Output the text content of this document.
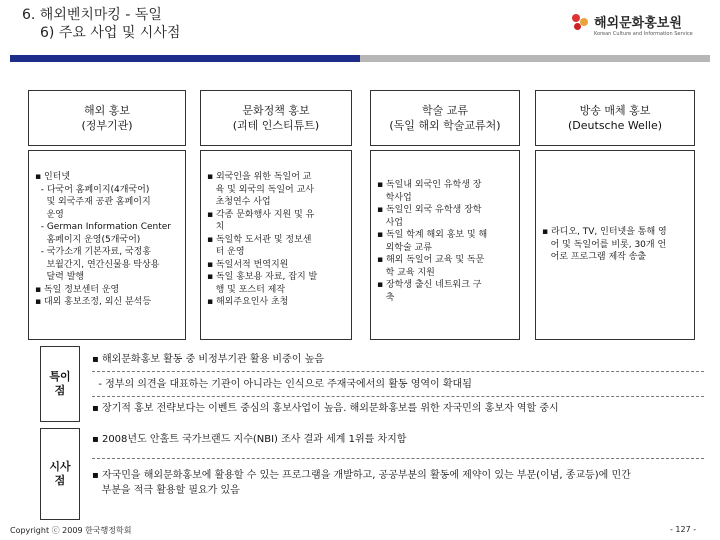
6. 해외벤치마킹 - 독일
6) 주요 사업 및 시사점
해외문화홍보원
Korean Culture and Information Service
해외 홍보
(정부기관)
문화정책 홍보
(괴테 인스티튜트)
학술 교류
(독일 해외 학술교류처)
방송 매체 홍보
(Deutsche Welle)
▪ 인터넷
- 다국어 홈페이지(4개국어)
및 외국주재 공관 홈페이지
운영
- German Information Center
홈페이지 운영(5개국어)
- 국가소개 기본자료, 국정홍
보월간지, 연간신물용 탁상용
달력 발행
▪ 독일 정보센터 운영
▪ 대외 홍보조정, 외신 분석등
▪ 외국인을 위한 독일어 교
육 및 외국의 독일어 교사
초청연수 사업
▪ 각종 문화행사 지원 및 유
치
▪ 독일학 도서관 및 정보센
터 운영
▪ 독일서적 번역지원
▪ 독일 홍보용 자료, 잡지 발
행 및 포스터 제작
▪ 해외주요인사 초청
▪ 독일내 외국인 유학생 장
학사업
▪ 독일인 외국 유학생 장학
사업
▪ 독일 학계 해외 홍보 및 해
외학술 교류
▪ 해외 독일어 교육 및 독문
학 교육 지원
▪ 장학생 출신 네트워크 구
축
▪ 라디오, TV, 인터넷을 통해 영
어 및 독일어를 비롯, 30개 언
어로 프로그램 제작 송출
특이
점
▪ 해외문화홍보 활동 중 비정부기관 활용 비중이 높음
- 정부의 의견을 대표하는 기관이 아니라는 인식으로 주재국에서의 활동 영역이 확대됨
▪ 장기적 홍보 전략보다는 이벤트 중심의 홍보사업이 높음. 해외문화홍보를 위한 자국민의 홍보자 역할 중시
시사
점
▪ 2008년도 안홀트 국가브랜드 지수(NBI) 조사 결과 세계 1위를 차지함
▪ 자국민을 해외문화홍보에 활용할 수 있는 프로그램을 개발하고, 공공부분의 활동에 제약이 있는 부문(이념, 종교등)에 민간
부분을 적극 활용할 필요가 있음
Copyright ⓒ 2009 한국행정학회	- 127 -
